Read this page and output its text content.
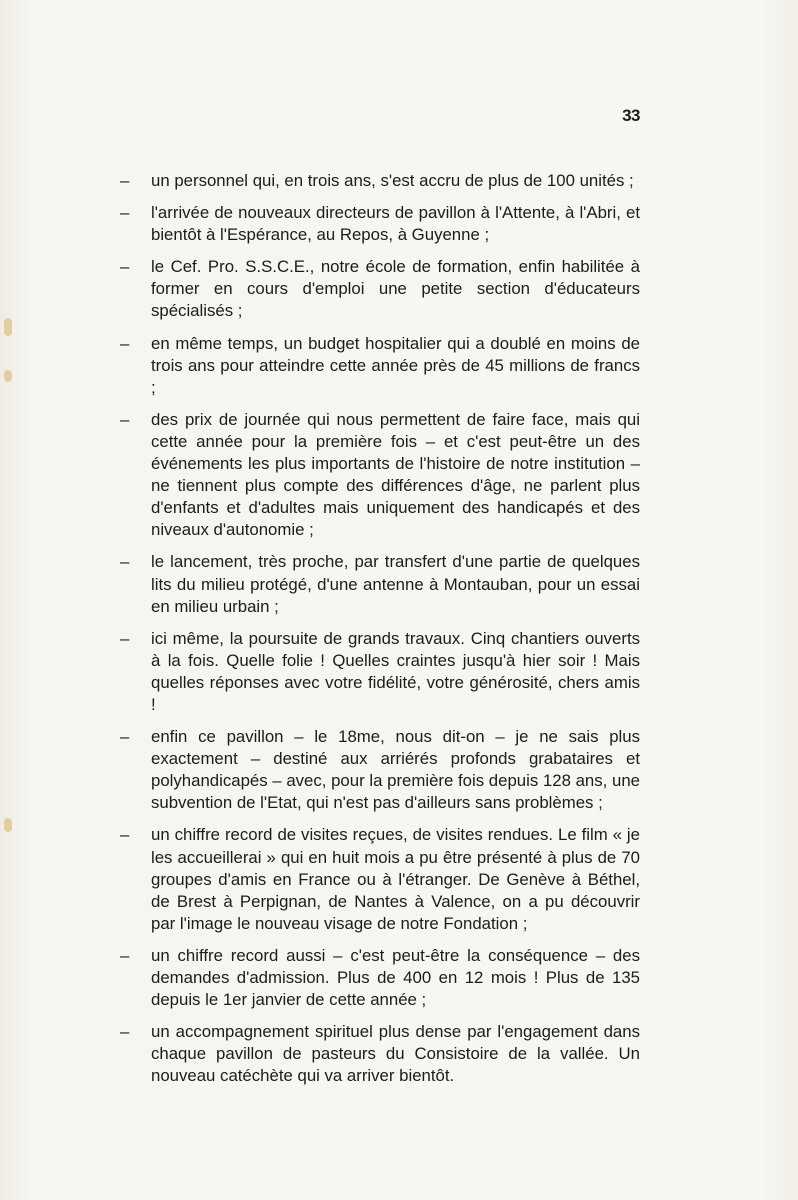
33
–	un personnel qui, en trois ans, s'est accru de plus de 100 unités ;
–	l'arrivée de nouveaux directeurs de pavillon à l'Attente, à l'Abri, et bientôt à l'Espérance, au Repos, à Guyenne ;
–	le Cef. Pro. S.S.C.E., notre école de formation, enfin habilitée à former en cours d'emploi une petite section d'éducateurs spécialisés ;
–	en même temps, un budget hospitalier qui a doublé en moins de trois ans pour atteindre cette année près de 45 millions de francs ;
–	des prix de journée qui nous permettent de faire face, mais qui cette année pour la première fois – et c'est peut-être un des événements les plus importants de l'histoire de notre institution – ne tiennent plus compte des différences d'âge, ne parlent plus d'enfants et d'adultes mais uniquement des handicapés et des niveaux d'autonomie ;
–	le lancement, très proche, par transfert d'une partie de quelques lits du milieu protégé, d'une antenne à Montauban, pour un essai en milieu urbain ;
–	ici même, la poursuite de grands travaux. Cinq chantiers ouverts à la fois. Quelle folie ! Quelles craintes jusqu'à hier soir ! Mais quelles réponses avec votre fidélité, votre générosité, chers amis !
–	enfin ce pavillon – le 18me, nous dit-on – je ne sais plus exactement – destiné aux arriérés profonds grabataires et polyhandicapés – avec, pour la première fois depuis 128 ans, une subvention de l'Etat, qui n'est pas d'ailleurs sans problèmes ;
–	un chiffre record de visites reçues, de visites rendues. Le film « je les accueillerai » qui en huit mois a pu être présenté à plus de 70 groupes d'amis en France ou à l'étranger. De Genève à Béthel, de Brest à Perpignan, de Nantes à Valence, on a pu découvrir par l'image le nouveau visage de notre Fondation ;
–	un chiffre record aussi – c'est peut-être la conséquence – des demandes d'admission. Plus de 400 en 12 mois ! Plus de 135 depuis le 1er janvier de cette année ;
–	un accompagnement spirituel plus dense par l'engagement dans chaque pavillon de pasteurs du Consistoire de la vallée. Un nouveau catéchète qui va arriver bientôt.
